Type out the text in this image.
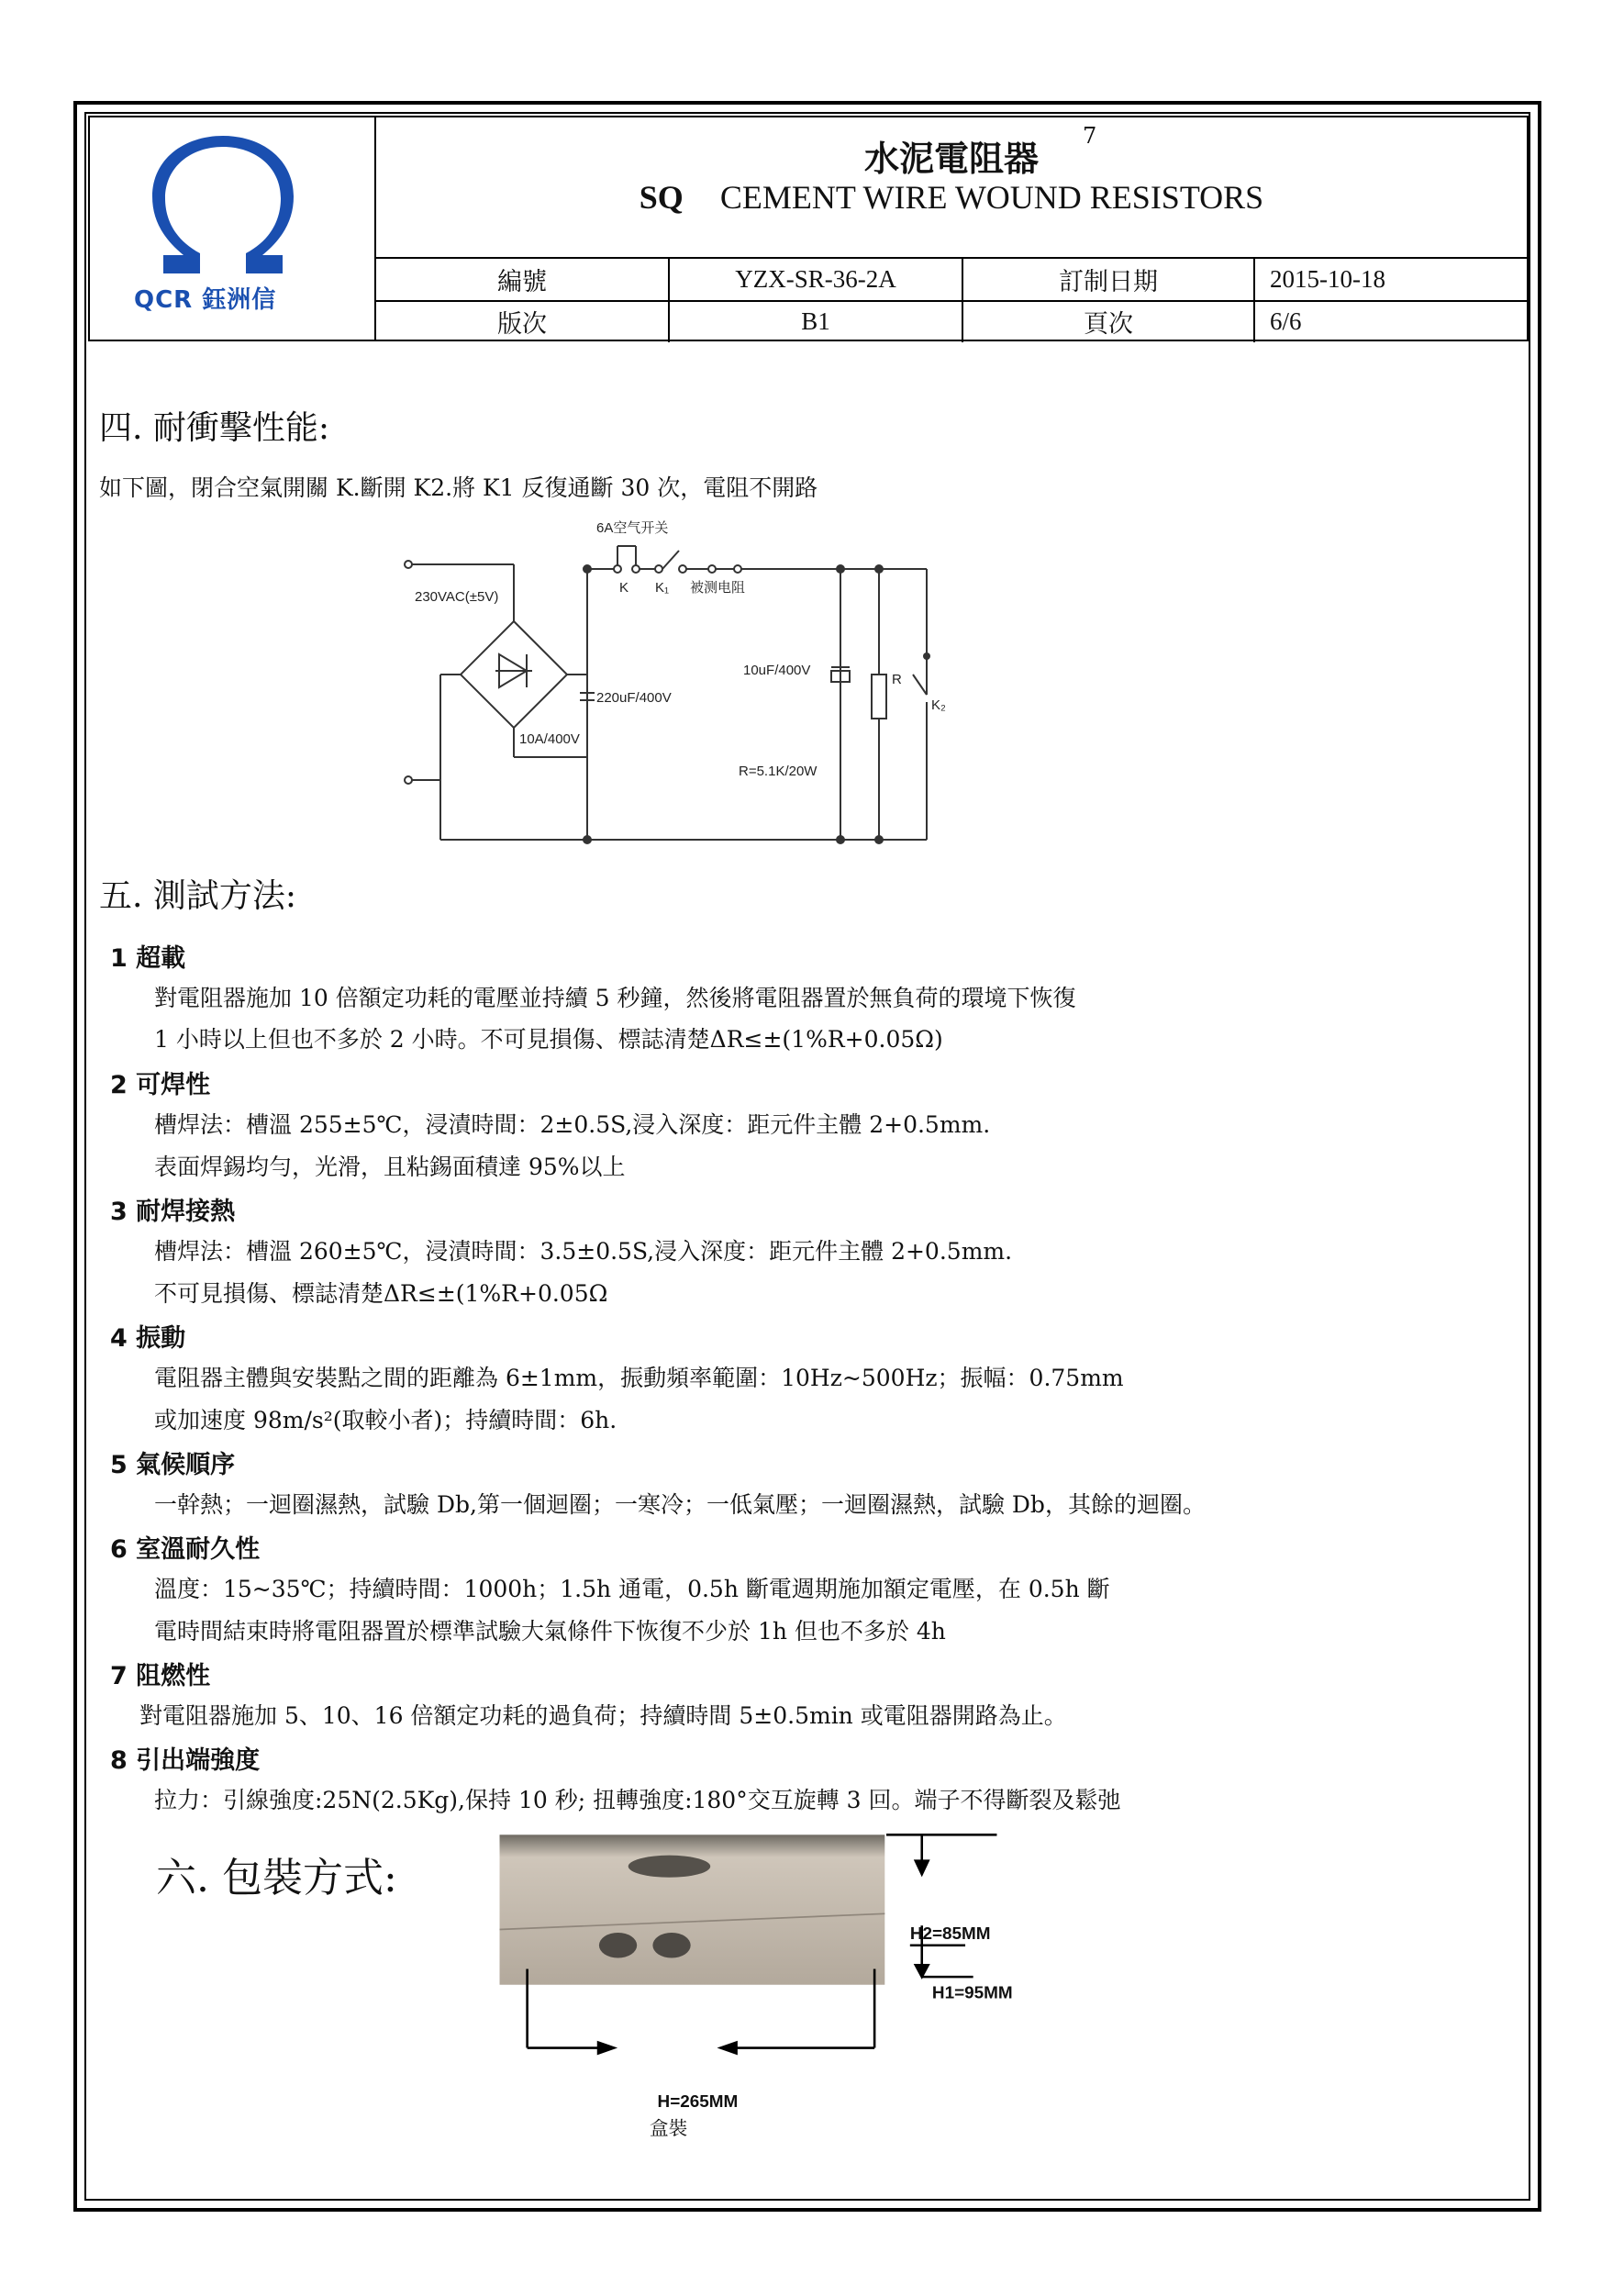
QCR 鈺洲信
7
水泥電阻器
SQ CEMENT WIRE WOUND RESISTORS
編號	YZX-SR-36-2A	訂制日期	2015-10-18
版次	B1	頁次	6/6
四. 耐衝擊性能:
如下圖，閉合空氣開關 K.斷開 K2.將 K1 反復通斷 30 次，電阻不開路
6A空气开关
K K₁ 被测电阻
230VAC(±5V)
220uF/400V
10A/400V
10uF/400V
R
K₂
R=5.1K/20W
五. 測試方法:
1 超載
對電阻器施加 10 倍額定功耗的電壓並持續 5 秒鐘，然後將電阻器置於無負荷的環境下恢復
1 小時以上但也不多於 2 小時。不可見損傷、標誌清楚ΔR≤±(1%R+0.05Ω)
2 可焊性
槽焊法：槽溫 255±5℃，浸漬時間：2±0.5S,浸入深度：距元件主體 2+0.5mm.
表面焊錫均勻，光滑，且粘錫面積達 95%以上
3 耐焊接熱
槽焊法：槽溫 260±5℃，浸漬時間：3.5±0.5S,浸入深度：距元件主體 2+0.5mm.
不可見損傷、標誌清楚ΔR≤±(1%R+0.05Ω
4 振動
電阻器主體與安裝點之間的距離為 6±1mm，振動頻率範圍：10Hz~500Hz；振幅：0.75mm
或加速度 98m/s²(取較小者)；持續時間：6h.
5 氣候順序
一幹熱；一迴圈濕熱，試驗 Db,第一個迴圈；一寒冷；一低氣壓；一迴圈濕熱，試驗 Db，其餘的迴圈。
6 室溫耐久性
溫度：15~35℃；持續時間：1000h；1.5h 通電，0.5h 斷電週期施加額定電壓，在 0.5h 斷
電時間結束時將電阻器置於標準試驗大氣條件下恢復不少於 1h 但也不多於 4h
7 阻燃性
對電阻器施加 5、10、16 倍額定功耗的過負荷；持續時間 5±0.5min 或電阻器開路為止。
8 引出端強度
拉力：引線強度:25N(2.5Kg),保持 10 秒; 扭轉強度:180°交互旋轉 3 回。端子不得斷裂及鬆弛
六. 包裝方式:
H2=85MM
H1=95MM
H=265MM
盒裝
